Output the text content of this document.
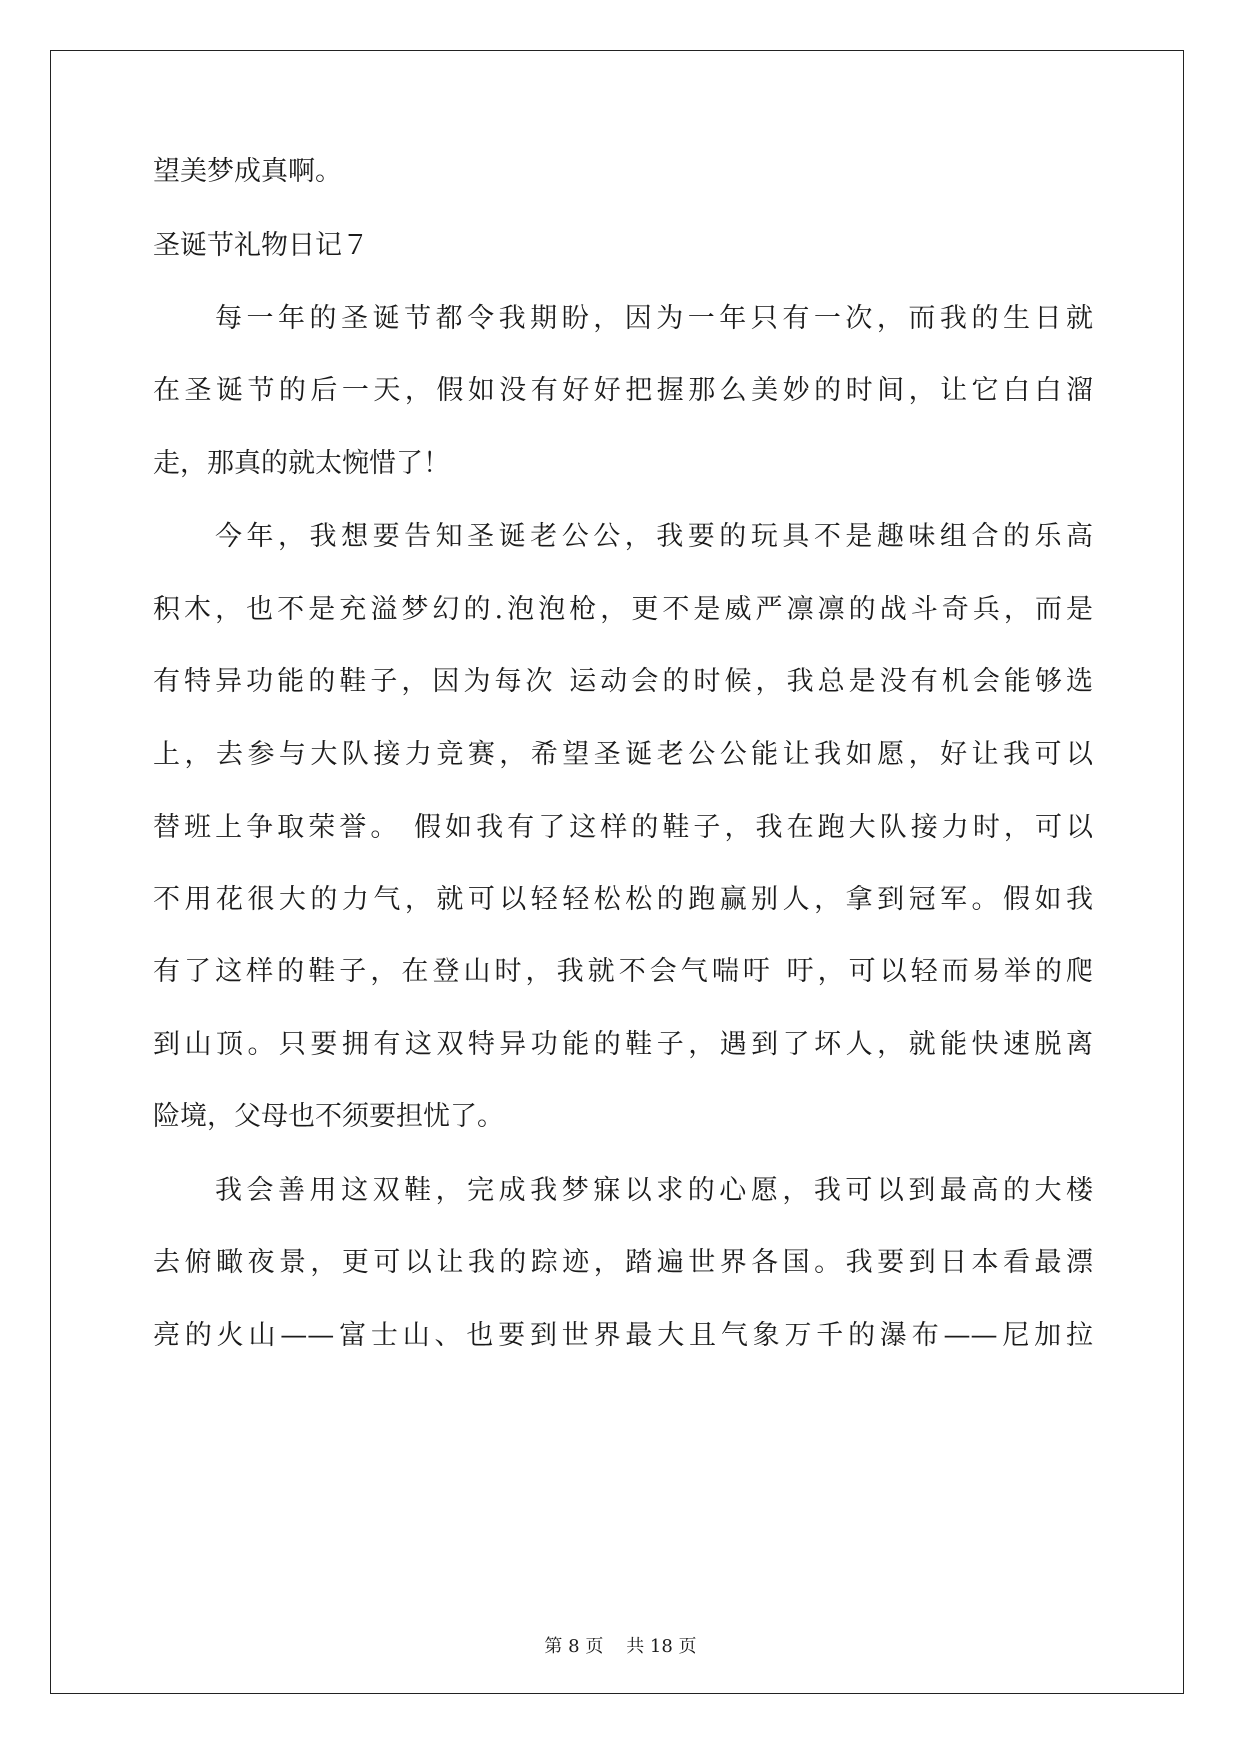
望美梦成真啊。
圣诞节礼物日记７
每一年的圣诞节都令我期盼，因为一年只有一次，而我的生日就
在圣诞节的后一天，假如没有好好把握那么美妙的时间，让它白白溜
走，那真的就太惋惜了！
今年，我想要告知圣诞老公公，我要的玩具不是趣味组合的乐高
积木，也不是充溢梦幻的.泡泡枪，更不是威严凛凛的战斗奇兵，而是
有特异功能的鞋子，因为每次 运动会的时候，我总是没有机会能够选
上，去参与大队接力竞赛，希望圣诞老公公能让我如愿，好让我可以
替班上争取荣誉。 假如我有了这样的鞋子，我在跑大队接力时，可以
不用花很大的力气，就可以轻轻松松的跑赢别人，拿到冠军。假如我
有了这样的鞋子，在登山时，我就不会气喘吁 吁，可以轻而易举的爬
到山顶。只要拥有这双特异功能的鞋子，遇到了坏人，就能快速脱离
险境，父母也不须要担忧了。
我会善用这双鞋，完成我梦寐以求的心愿，我可以到最高的大楼
去俯瞰夜景，更可以让我的踪迹，踏遍世界各国。我要到日本看最漂
亮的火山——富士山、也要到世界最大且气象万千的瀑布——尼加拉
第 8 页    共 18 页
